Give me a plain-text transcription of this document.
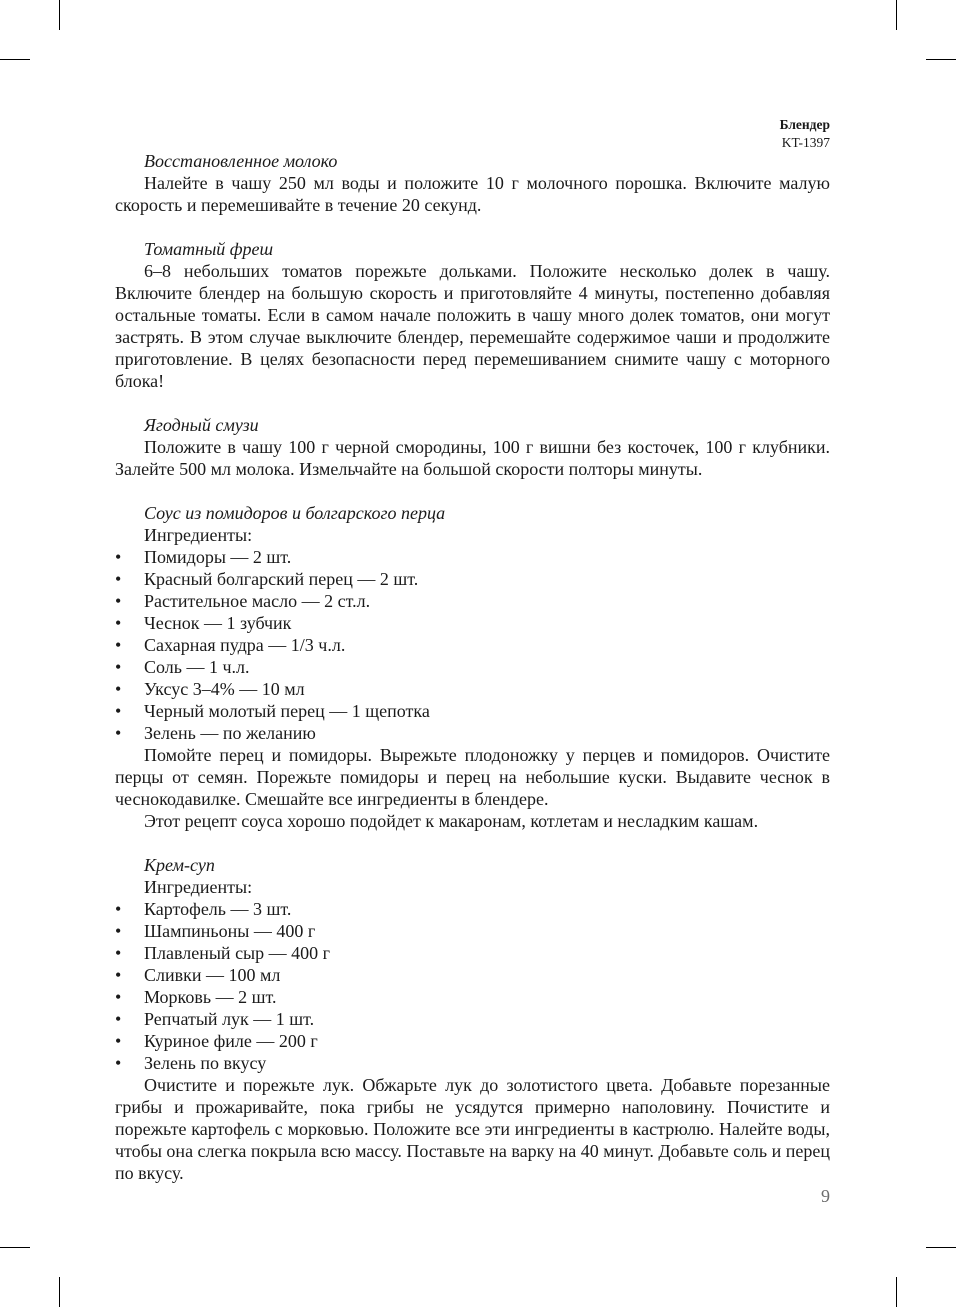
Блендер
KT-1397
Восстановленное молоко
Налейте в чашу 250 мл воды и положите 10 г молочного порошка. Включите малую скорость и перемешивайте в течение 20 секунд.
Томатный фреш
6–8 небольших томатов порежьте дольками. Положите несколько долек в чашу. Включите блендер на большую скорость и приготовляйте 4 минуты, постепенно добавляя остальные томаты. Если в самом начале положить в чашу много долек томатов, они могут застрять. В этом случае выключите блендер, перемешайте содержимое чаши и продолжите приготовление. В целях безопасности перед перемешиванием снимите чашу с моторного блока!
Ягодный смузи
Положите в чашу 100 г черной смородины, 100 г вишни без косточек, 100 г клубники. Залейте 500 мл молока. Измельчайте на большой скорости полторы минуты.
Соус из помидоров и болгарского перца
Ингредиенты:
• Помидоры — 2 шт.
• Красный болгарский перец — 2 шт.
• Растительное масло — 2 ст.л.
• Чеснок — 1 зубчик
• Сахарная пудра — 1/3 ч.л.
• Соль — 1 ч.л.
• Уксус 3–4% — 10 мл
• Черный молотый перец — 1 щепотка
• Зелень — по желанию
Помойте перец и помидоры. Вырежьте плодоножку у перцев и помидоров. Очистите перцы от семян. Порежьте помидоры и перец на небольшие куски. Выдавите чеснок в чеснокодавилке. Смешайте все ингредиенты в блендере.
Этот рецепт соуса хорошо подойдет к макаронам, котлетам и несладким кашам.
Крем-суп
Ингредиенты:
• Картофель — 3 шт.
• Шампиньоны — 400 г
• Плавленый сыр — 400 г
• Сливки — 100 мл
• Морковь — 2 шт.
• Репчатый лук — 1 шт.
• Куриное филе — 200 г
• Зелень по вкусу
Очистите и порежьте лук. Обжарьте лук до золотистого цвета. Добавьте порезанные грибы и прожаривайте, пока грибы не усядутся примерно наполовину. Почистите и порежьте картофель с морковью. Положите все эти ингредиенты в кастрюлю. Налейте воды, чтобы она слегка покрыла всю массу. Поставьте на варку на 40 минут. Добавьте соль и перец по вкусу.
9
